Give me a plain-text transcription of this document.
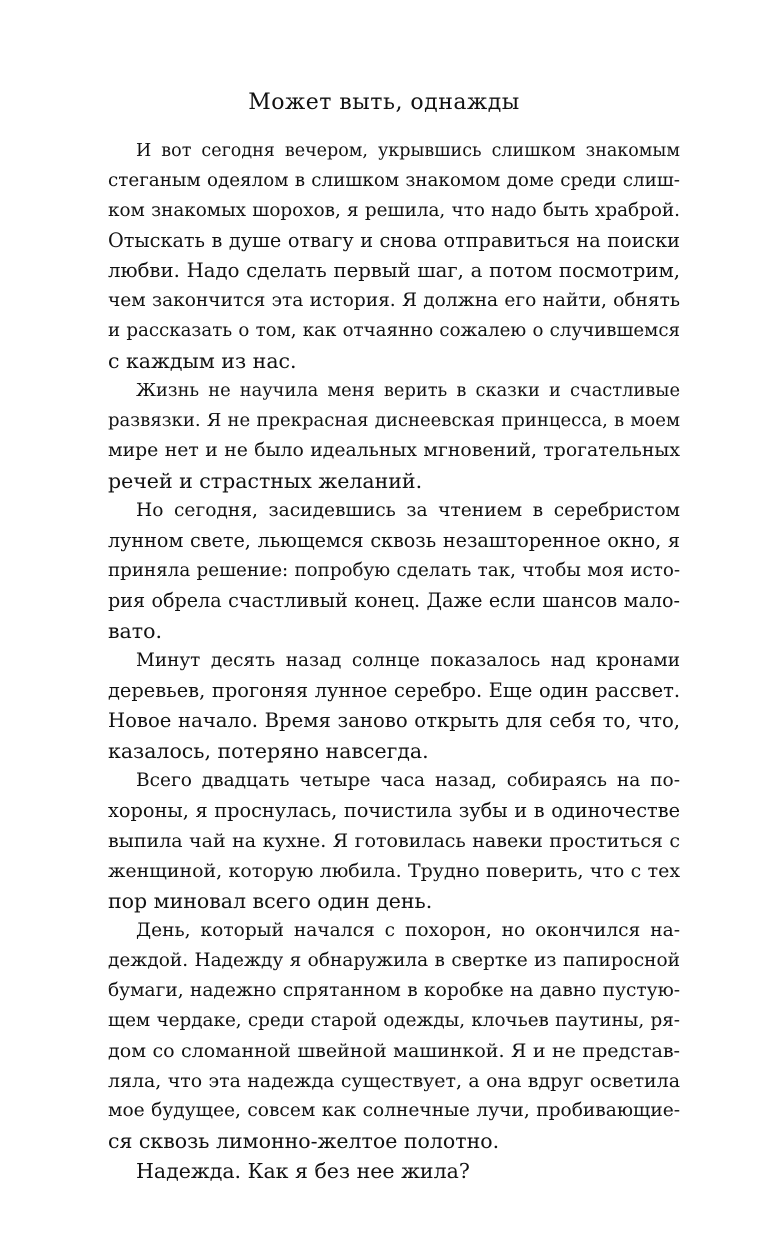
Может выть, однажды
И вот сегодня вечером, укрывшись слишком знакомым
стеганым одеялом в слишком знакомом доме среди слиш-
ком знакомых шорохов, я решила, что надо быть храброй.
Отыскать в душе отвагу и снова отправиться на поиски
любви. Надо сделать первый шаг, а потом посмотрим,
чем закончится эта история. Я должна его найти, обнять
и рассказать о том, как отчаянно сожалею о случившемся
с каждым из нас.
Жизнь не научила меня верить в сказки и счастливые
развязки. Я не прекрасная диснеевская принцесса, в моем
мире нет и не было идеальных мгновений, трогательных
речей и страстных желаний.
Но сегодня, засидевшись за чтением в серебристом
лунном свете, льющемся сквозь незашторенное окно, я
приняла решение: попробую сделать так, чтобы моя исто-
рия обрела счастливый конец. Даже если шансов мало-
вато.
Минут десять назад солнце показалось над кронами
деревьев, прогоняя лунное серебро. Еще один рассвет.
Новое начало. Время заново открыть для себя то, что,
казалось, потеряно навсегда.
Всего двадцать четыре часа назад, собираясь на по-
хороны, я проснулась, почистила зубы и в одиночестве
выпила чай на кухне. Я готовилась навеки проститься с
женщиной, которую любила. Трудно поверить, что с тех
пор миновал всего один день.
День, который начался с похорон, но окончился на-
деждой. Надежду я обнаружила в свертке из папиросной
бумаги, надежно спрятанном в коробке на давно пустую-
щем чердаке, среди старой одежды, клочьев паутины, ря-
дом со сломанной швейной машинкой. Я и не представ-
ляла, что эта надежда существует, а она вдруг осветила
мое будущее, совсем как солнечные лучи, пробивающие-
ся сквозь лимонно-желтое полотно.
Надежда. Как я без нее жила?
